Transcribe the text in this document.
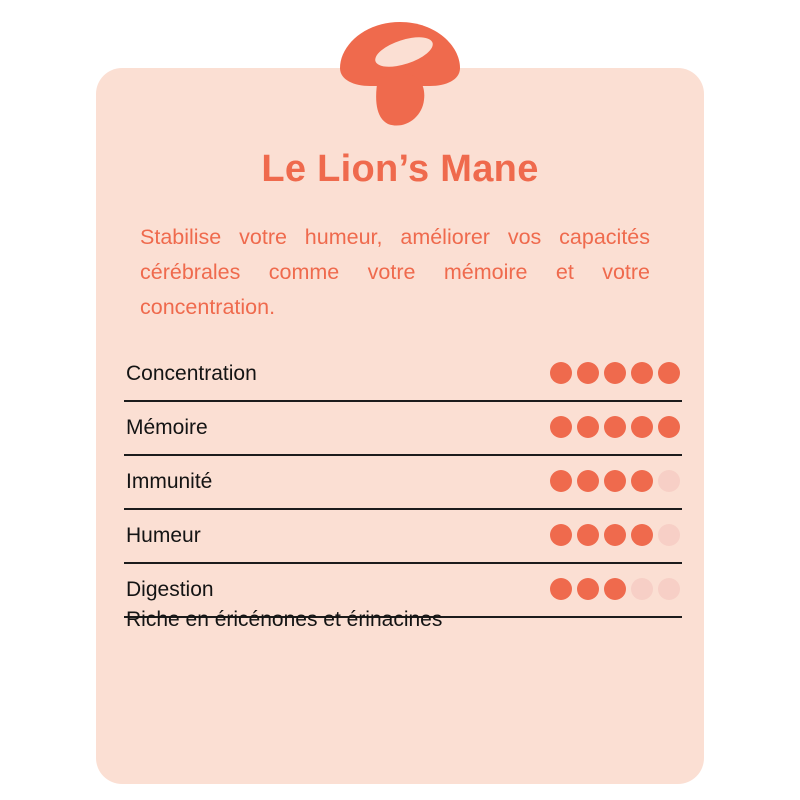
Le Lion’s Mane
Stabilise votre humeur, améliorer vos capacités cérébrales comme votre mémoire et votre concentration.
Concentration
Mémoire
Immunité
Humeur
Digestion
Riche en éricénones et érinacines
